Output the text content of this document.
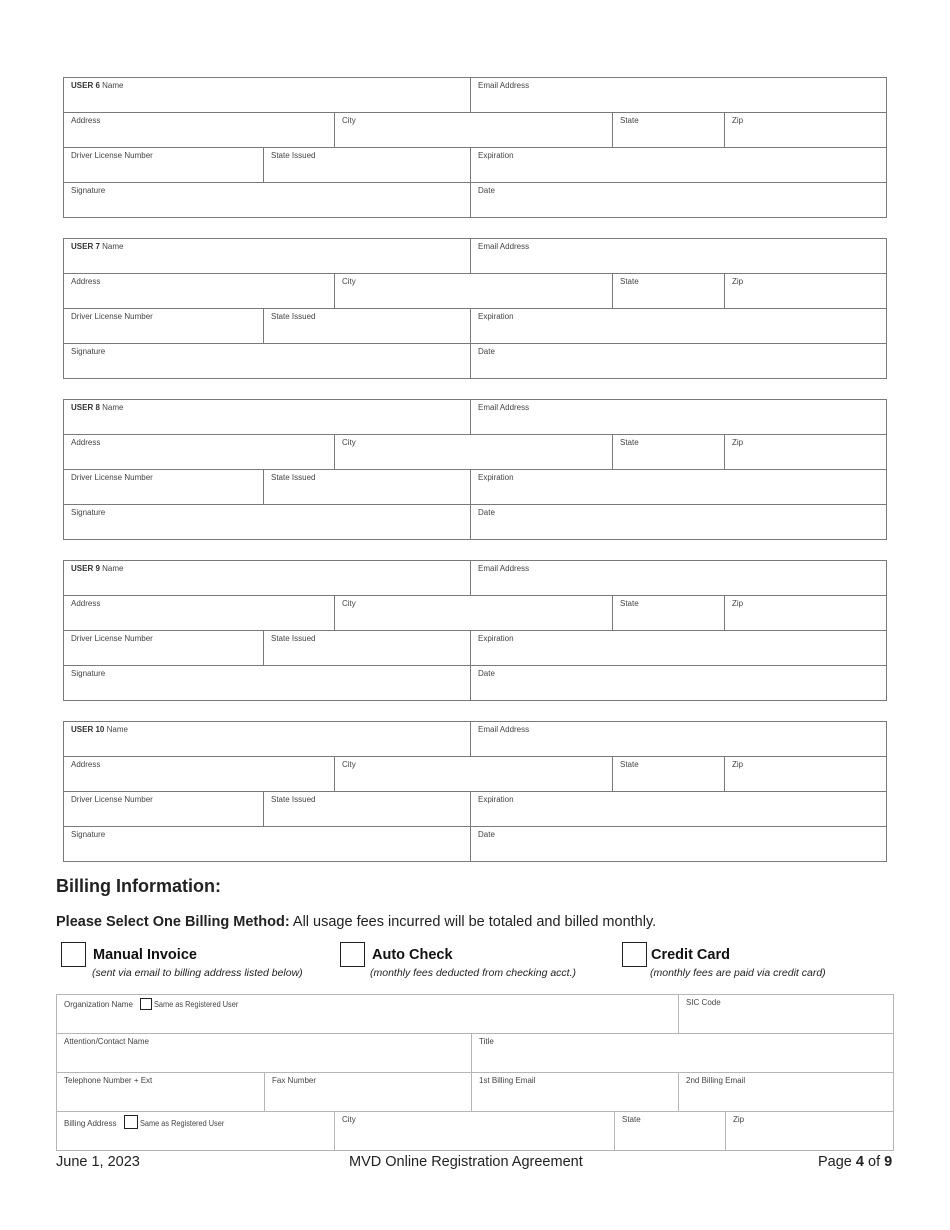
USER 6 Name	Email Address
Address	City	State	Zip
Driver License Number	State Issued	Expiration
Signature	Date
USER 7 Name	Email Address
Address	City	State	Zip
Driver License Number	State Issued	Expiration
Signature	Date
USER 8 Name	Email Address
Address	City	State	Zip
Driver License Number	State Issued	Expiration
Signature	Date
USER 9 Name	Email Address
Address	City	State	Zip
Driver License Number	State Issued	Expiration
Signature	Date
USER 10 Name	Email Address
Address	City	State	Zip
Driver License Number	State Issued	Expiration
Signature	Date
Billing Information:
Please Select One Billing Method: All usage fees incurred will be totaled and billed monthly.
Manual Invoice
(sent via email to billing address listed below)
Auto Check
(monthly fees deducted from checking acct.)
Credit Card
(monthly fees are paid via credit card)
Organization Name	Same as Registered User	SIC Code
Attention/Contact Name	Title
Telephone Number + Ext	Fax Number	1st Billing Email	2nd Billing Email
Billing Address	Same as Registered User	City	State	Zip
June 1, 2023	MVD Online Registration Agreement	Page 4 of 9
